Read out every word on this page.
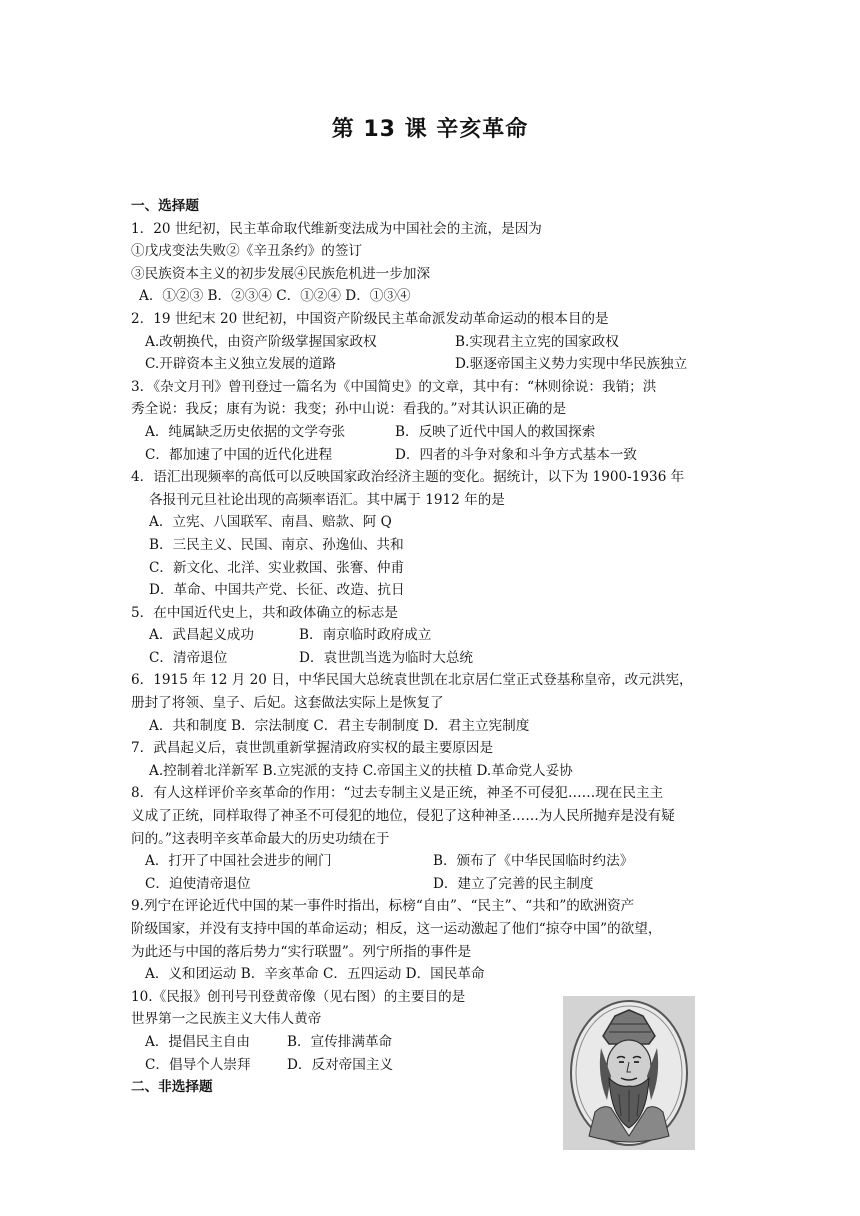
第 13 课 辛亥革命
一、选择题
1．20 世纪初，民主革命取代维新变法成为中国社会的主流，是因为
①戊戌变法失败②《辛丑条约》的签订
③民族资本主义的初步发展④民族危机进一步加深
A．①②③ B．②③④ C．①②④ D．①③④
2．19 世纪末 20 世纪初，中国资产阶级民主革命派发动革命运动的根本目的是
A.改朝换代，由资产阶级掌握国家政权	B.实现君主立宪的国家政权
C.开辟资本主义独立发展的道路	D.驱逐帝国主义势力实现中华民族独立
3．《杂文月刊》曾刊登过一篇名为《中国简史》的文章，其中有：“林则徐说：我销；洪
秀全说：我反；康有为说：我变；孙中山说：看我的。”对其认识正确的是
A．纯属缺乏历史依据的文学夸张	B．反映了近代中国人的救国探索
C．都加速了中国的近代化进程	D．四者的斗争对象和斗争方式基本一致
4．语汇出现频率的高低可以反映国家政治经济主题的变化。据统计，以下为 1900-1936 年
各报刊元旦社论出现的高频率语汇。其中属于 1912 年的是
A．立宪、八国联军、南昌、赔款、阿 Q
B．三民主义、民国、南京、孙逸仙、共和
C．新文化、北洋、实业救国、张謇、仲甫
D．革命、中国共产党、长征、改造、抗日
5．在中国近代史上，共和政体确立的标志是
A．武昌起义成功	B．南京临时政府成立
C．清帝退位	D．袁世凯当选为临时大总统
6．1915 年 12 月 20 日，中华民国大总统袁世凯在北京居仁堂正式登基称皇帝，改元洪宪，
册封了将领、皇子、后妃。这套做法实际上是恢复了
A．共和制度 B．宗法制度 C．君主专制制度 D．君主立宪制度
7．武昌起义后，袁世凯重新掌握清政府实权的最主要原因是
A.控制着北洋新军 B.立宪派的支持 C.帝国主义的扶植 D.革命党人妥协
8．有人这样评价辛亥革命的作用：“过去专制主义是正统，神圣不可侵犯……现在民主主
义成了正统，同样取得了神圣不可侵犯的地位，侵犯了这种神圣……为人民所抛弃是没有疑
问的。”这表明辛亥革命最大的历史功绩在于
A．打开了中国社会进步的闸门	B．颁布了《中华民国临时约法》
C．迫使清帝退位	D．建立了完善的民主制度
9.列宁在评论近代中国的某一事件时指出，标榜“自由”、“民主”、“共和”的欧洲资产
阶级国家，并没有支持中国的革命运动；相反，这一运动激起了他们“掠夺中国”的欲望，
为此还与中国的落后势力“实行联盟”。列宁所指的事件是
A．义和团运动 B．辛亥革命 C．五四运动 D．国民革命
10.《民报》创刊号刊登黄帝像（见右图）的主要目的是
世界第一之民族主义大伟人黄帝
A．提倡民主自由	B．宣传排满革命
C．倡导个人崇拜	D．反对帝国主义
二、非选择题
